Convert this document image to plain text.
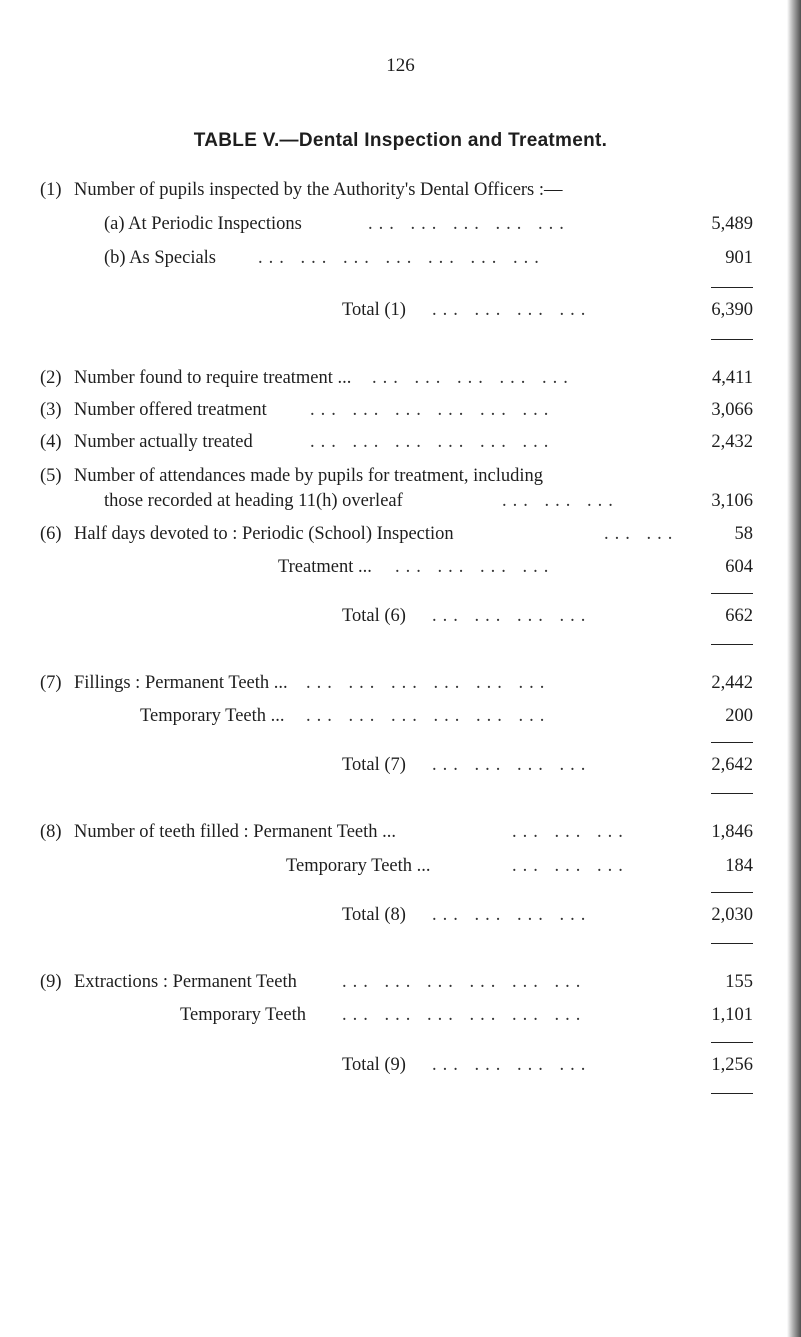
126
TABLE V.—Dental Inspection and Treatment.
(1) Number of pupils inspected by the Authority's Dental Officers :—
(a) At Periodic Inspections	... ... ... ... ...	5,489
(b) As Specials ... ... ... ... ... ... ...	901
Total (1) ... ... ... ...	6,390
(2) Number found to require treatment ... ... ... ... ... ...	4,411
(3) Number offered treatment ... ... ... ... ... ...	3,066
(4) Number actually treated	... ... ... ... ... ...	2,432
(5) Number of attendances made by pupils for treatment, including
those recorded at heading 11(h) overleaf	... ... ...	3,106
(6) Half days devoted to : Periodic (School) Inspection	... ...	58
Treatment ... ... ... ... ...	604
Total (6) ... ... ... ...	662
(7) Fillings : Permanent Teeth ... ... ... ... ... ... ...	2,442
Temporary Teeth ... ... ... ... ... ... ...	200
Total (7) ... ... ... ...	2,642
(8) Number of teeth filled : Permanent Teeth ...	... ... ...	1,846
Temporary Teeth ...	... ... ...	184
Total (8) ... ... ... ...	2,030
(9) Extractions : Permanent Teeth ... ... ... ... ... ...	155
Temporary Teeth ... ... ... ... ... ...	1,101
Total (9) ... ... ... ...	1,256
